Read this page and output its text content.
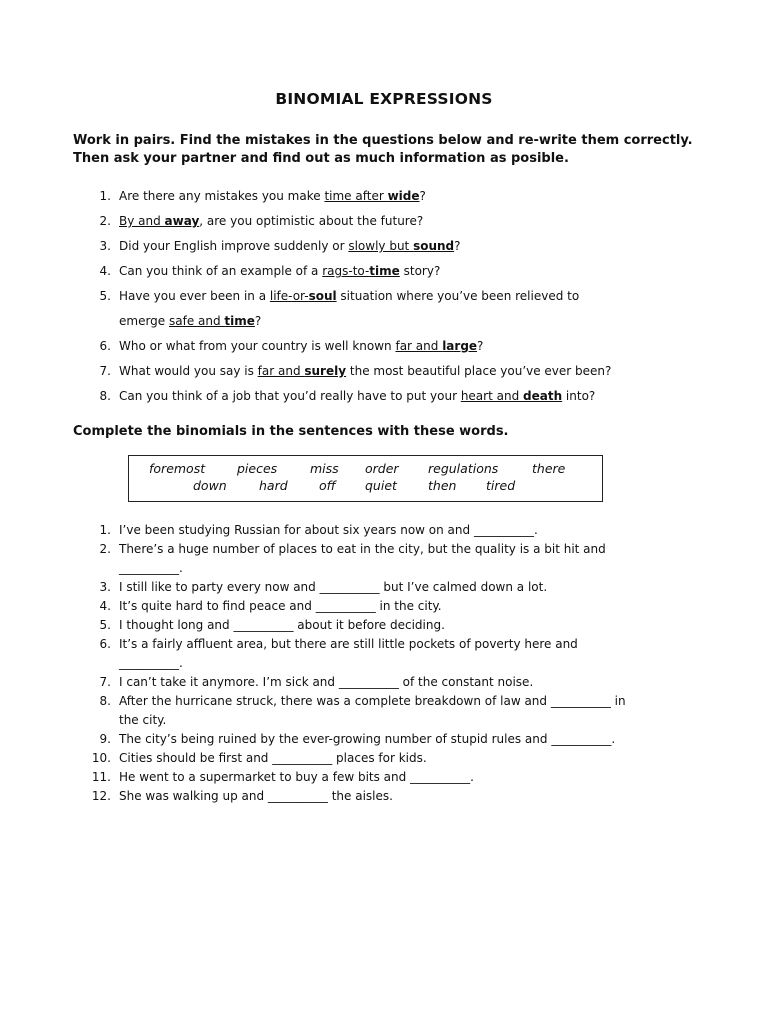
BINOMIAL EXPRESSIONS
Work in pairs. Find the mistakes in the questions below and re-write them correctly. Then ask your partner and find out as much information as posible.
1. Are there any mistakes you make time after wide?
2. By and away, are you optimistic about the future?
3. Did your English improve suddenly or slowly but sound?
4. Can you think of an example of a rags-to-time story?
5. Have you ever been in a life-or-soul situation where you’ve been relieved to
emerge safe and time?
6. Who or what from your country is well known far and large?
7. What would you say is far and surely the most beautiful place you’ve ever been?
8. Can you think of a job that you’d really have to put your heart and death into?
Complete the binomials in the sentences with these words.
foremost	pieces	miss order regulations	there
down	hard	off quiet then tired
1. I’ve been studying Russian for about six years now on and __________.
2. There’s a huge number of places to eat in the city, but the quality is a bit hit and
__________.
3. I still like to party every now and __________ but I’ve calmed down a lot.
4. It’s quite hard to find peace and __________ in the city.
5. I thought long and __________ about it before deciding.
6. It’s a fairly affluent area, but there are still little pockets of poverty here and
__________.
7. I can’t take it anymore. I’m sick and __________ of the constant noise.
8. After the hurricane struck, there was a complete breakdown of law and __________ in
the city.
9. The city’s being ruined by the ever-growing number of stupid rules and __________.
10. Cities should be first and __________ places for kids.
11. He went to a supermarket to buy a few bits and __________.
12. She was walking up and __________ the aisles.
